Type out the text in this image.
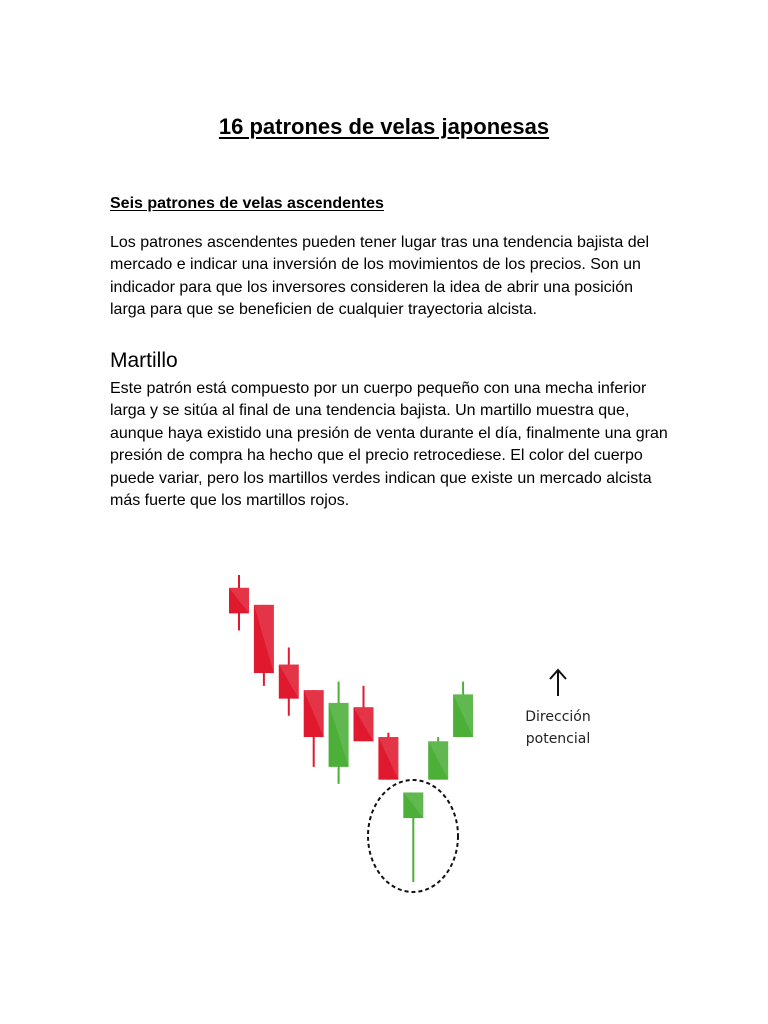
16 patrones de velas japonesas
Seis patrones de velas ascendentes

Los patrones ascendentes pueden tener lugar tras una tendencia bajista del mercado e indicar una inversión de los movimientos de los precios. Son un indicador para que los inversores consideren la idea de abrir una posición larga para que se beneficien de cualquier trayectoria alcista.

Martillo

Este patrón está compuesto por un cuerpo pequeño con una mecha inferior larga y se sitúa al final de una tendencia bajista. Un martillo muestra que, aunque haya existido una presión de venta durante el día, finalmente una gran presión de compra ha hecho que el precio retrocediese. El color del cuerpo puede variar, pero los martillos verdes indican que existe un mercado alcista más fuerte que los martillos rojos.

Dirección
potencial
